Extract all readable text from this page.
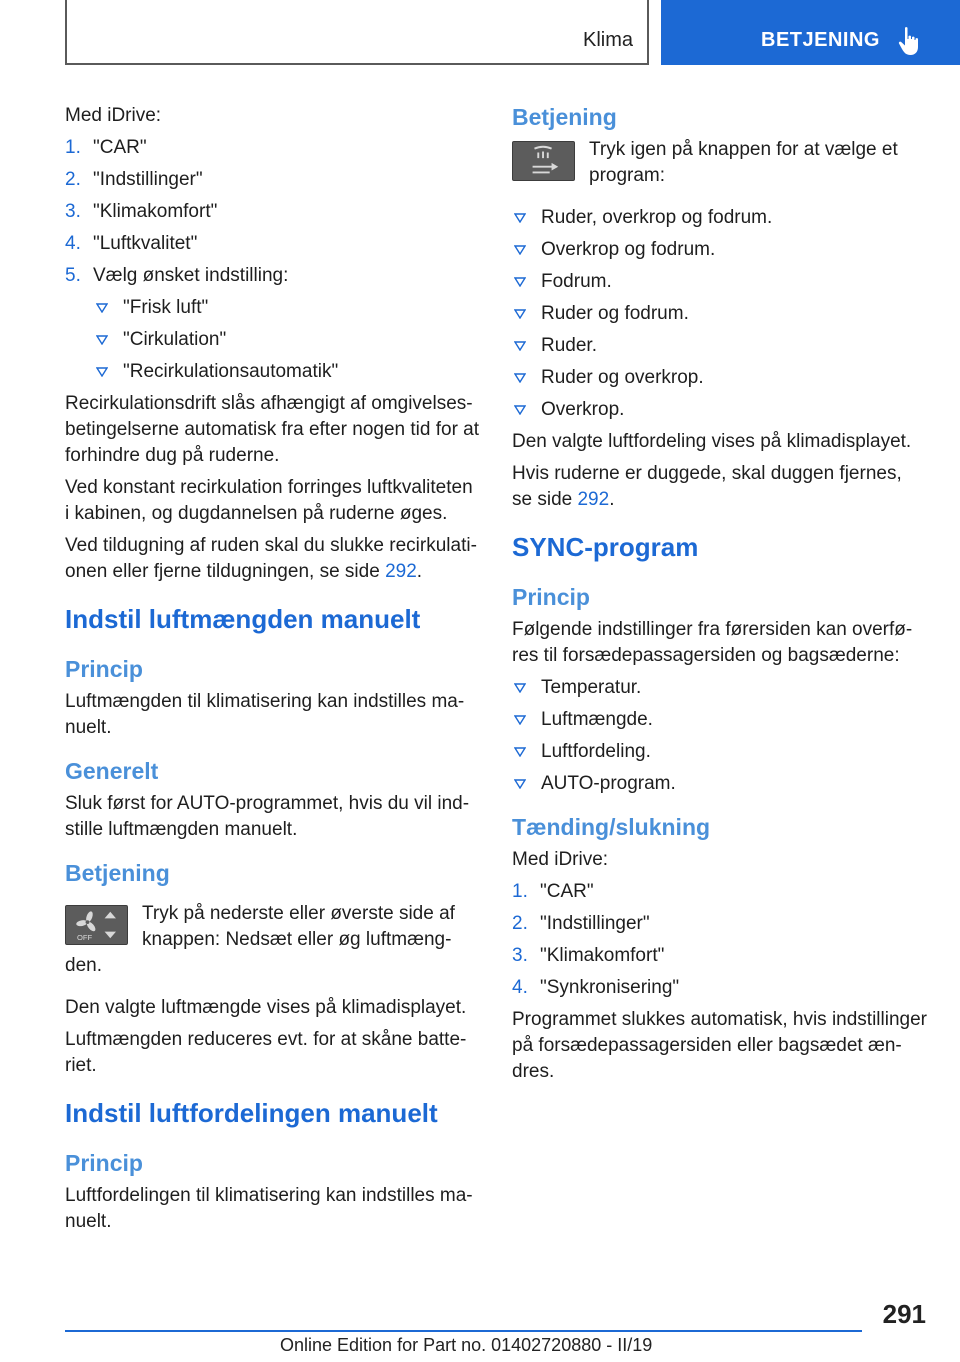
Klima	BETJENING

Med iDrive:

1. "CAR"
2. "Indstillinger"
3. "Klimakomfort"
4. "Luftkvalitet"
5. Vælg ønsket indstilling:
"Frisk luft"
"Cirkulation"
"Recirkulationsautomatik"

Recirkulationsdrift slås afhængigt af omgivelses-betingelserne automatisk fra efter nogen tid for at forhindre dug på ruderne.

Ved konstant recirkulation forringes luftkvaliteten i kabinen, og dugdannelsen på ruderne øges.

Ved tildugning af ruden skal du slukke recirkulati-onen eller fjerne tildugningen, se side 292.

Indstil luftmængden manuelt
Princip

Luftmængden til klimatisering kan indstilles ma-nuelt.

Generelt

Sluk først for AUTO-programmet, hvis du vil ind-stille luftmængden manuelt.

Betjening
OFF
Tryk på nederste eller øverste side af knappen: Nedsæt eller øg luftmæng-
den.

Den valgte luftmængde vises på klimadisplayet.

Luftmængden reduceres evt. for at skåne batte-riet.

Indstil luftfordelingen manuelt
Princip

Luftfordelingen til klimatisering kan indstilles ma-nuelt.

Betjening
Tryk igen på knappen for at vælge et program:
Ruder, overkrop og fodrum.
Overkrop og fodrum.
Fodrum.
Ruder og fodrum.
Ruder.
Ruder og overkrop.
Overkrop.

Den valgte luftfordeling vises på klimadisplayet.

Hvis ruderne er duggede, skal duggen fjernes, se side 292.

SYNC-program
Princip

Følgende indstillinger fra førersiden kan overfø-res til forsædepassagersiden og bagsæderne:

Temperatur.
Luftmængde.
Luftfordeling.
AUTO-program.
Tænding/slukning

Med iDrive:

1. "CAR"
2. "Indstillinger"
3. "Klimakomfort"
4. "Synkronisering"

Programmet slukkes automatisk, hvis indstillinger på forsædepassagersiden eller bagsædet æn-dres.

291
Online Edition for Part no. 01402720880 - II/19
